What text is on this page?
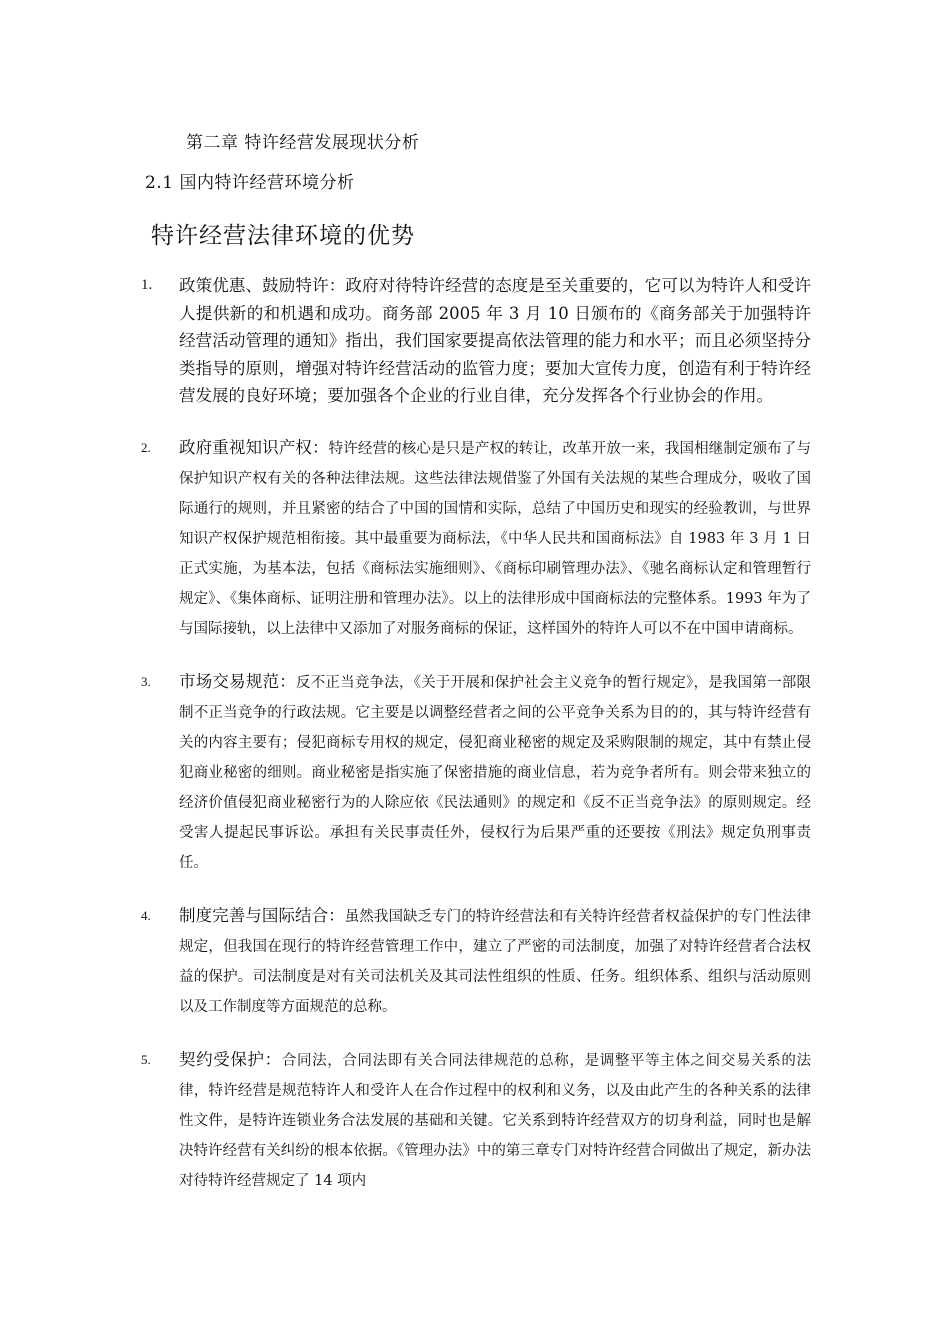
第二章 特许经营发展现状分析
2.1 国内特许经营环境分析
特许经营法律环境的优势
1. 政策优惠、鼓励特许：政府对待特许经营的态度是至关重要的，它可以为特许人和受许人提供新的和机遇和成功。商务部 2005 年 3 月 10 日颁布的《商务部关于加强特许经营活动管理的通知》指出，我们国家要提高依法管理的能力和水平；而且必须坚持分类指导的原则，增强对特许经营活动的监管力度；要加大宣传力度，创造有利于特许经营发展的良好环境；要加强各个企业的行业自律，充分发挥各个行业协会的作用。
2. 政府重视知识产权：特许经营的核心是只是产权的转让，改革开放一来，我国相继制定颁布了与保护知识产权有关的各种法律法规。这些法律法规借鉴了外国有关法规的某些合理成分，吸收了国际通行的规则，并且紧密的结合了中国的国情和实际，总结了中国历史和现实的经验教训，与世界知识产权保护规范相衔接。其中最重要为商标法，《中华人民共和国商标法》自 1983 年 3 月 1 日正式实施，为基本法，包括《商标法实施细则》、《商标印刷管理办法》、《驰名商标认定和管理暂行规定》、《集体商标、证明注册和管理办法》。以上的法律形成中国商标法的完整体系。1993 年为了与国际接轨，以上法律中又添加了对服务商标的保证，这样国外的特许人可以不在中国申请商标。
3. 市场交易规范：反不正当竞争法，《关于开展和保护社会主义竞争的暂行规定》，是我国第一部限制不正当竞争的行政法规。它主要是以调整经营者之间的公平竞争关系为目的的，其与特许经营有关的内容主要有；侵犯商标专用权的规定，侵犯商业秘密的规定及采购限制的规定，其中有禁止侵犯商业秘密的细则。商业秘密是指实施了保密措施的商业信息，若为竞争者所有。则会带来独立的经济价值侵犯商业秘密行为的人除应依《民法通则》的规定和《反不正当竞争法》的原则规定。经受害人提起民事诉讼。承担有关民事责任外，侵权行为后果严重的还要按《刑法》规定负刑事责任。
4. 制度完善与国际结合：虽然我国缺乏专门的特许经营法和有关特许经营者权益保护的专门性法律规定，但我国在现行的特许经营管理工作中，建立了严密的司法制度，加强了对特许经营者合法权益的保护。司法制度是对有关司法机关及其司法性组织的性质、任务。组织体系、组织与活动原则以及工作制度等方面规范的总称。
5. 契约受保护：合同法，合同法即有关合同法律规范的总称，是调整平等主体之间交易关系的法律，特许经营是规范特许人和受许人在合作过程中的权利和义务，以及由此产生的各种关系的法律性文件，是特许连锁业务合法发展的基础和关键。它关系到特许经营双方的切身利益，同时也是解决特许经营有关纠纷的根本依据。《管理办法》中的第三章专门对特许经营合同做出了规定，新办法对待特许经营规定了 14 项内
